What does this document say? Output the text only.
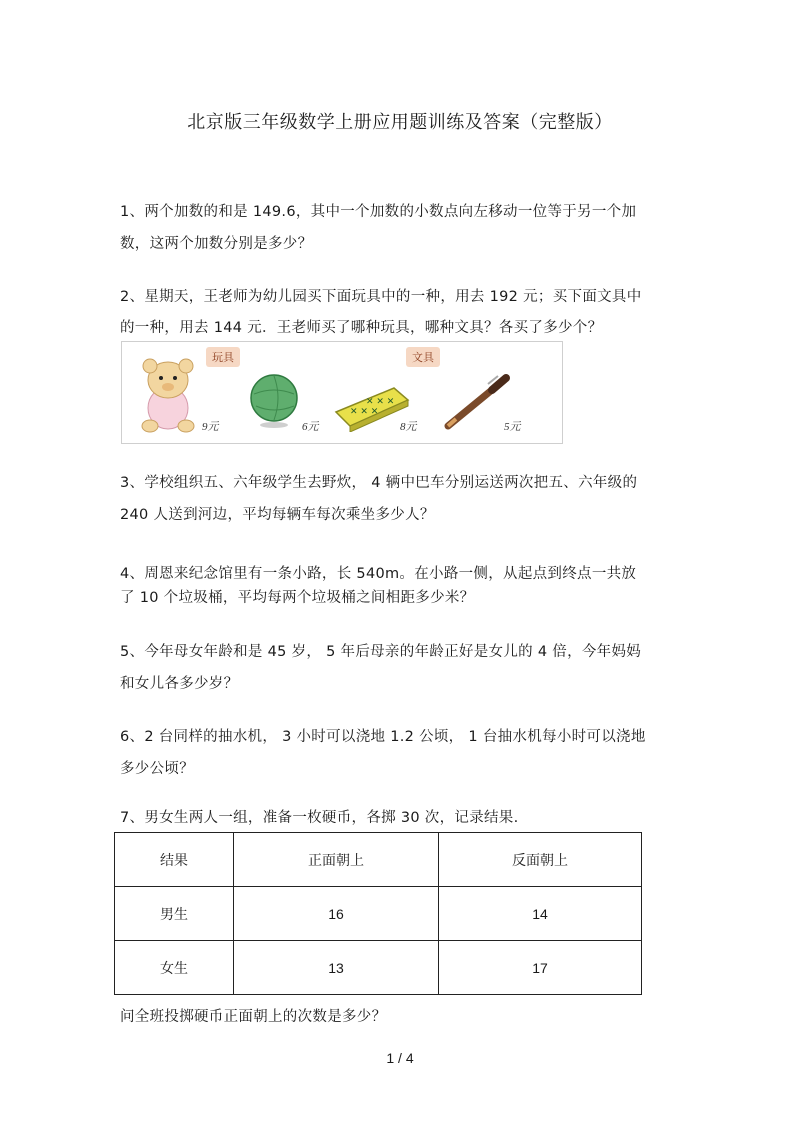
北京版三年级数学上册应用题训练及答案（完整版）
1、两个加数的和是 149.6，其中一个加数的小数点向左移动一位等于另一个加
数，这两个加数分别是多少？
2、星期天，王老师为幼儿园买下面玩具中的一种，用去 192 元；买下面文具中
的一种，用去 144 元．王老师买了哪种玩具，哪种文具？各买了多少个？
玩具	文具
9元	6元
✕ ✕ ✕
✕ ✕ ✕
8元	5元
3、学校组织五、六年级学生去野炊， 4 辆中巴车分别运送两次把五、六年级的
240 人送到河边，平均每辆车每次乘坐多少人？
4、周恩来纪念馆里有一条小路，长 540m。在小路一侧，从起点到终点一共放
了 10 个垃圾桶，平均每两个垃圾桶之间相距多少米？
5、今年母女年龄和是 45 岁， 5 年后母亲的年龄正好是女儿的 4 倍，今年妈妈
和女儿各多少岁？
6、2 台同样的抽水机， 3 小时可以浇地 1.2 公顷， 1 台抽水机每小时可以浇地
多少公顷？
7、男女生两人一组，准备一枚硬币，各掷 30 次，记录结果.
结果	正面朝上	反面朝上
男生	16	14
女生	13	17
问全班投掷硬币正面朝上的次数是多少？
1 / 4
